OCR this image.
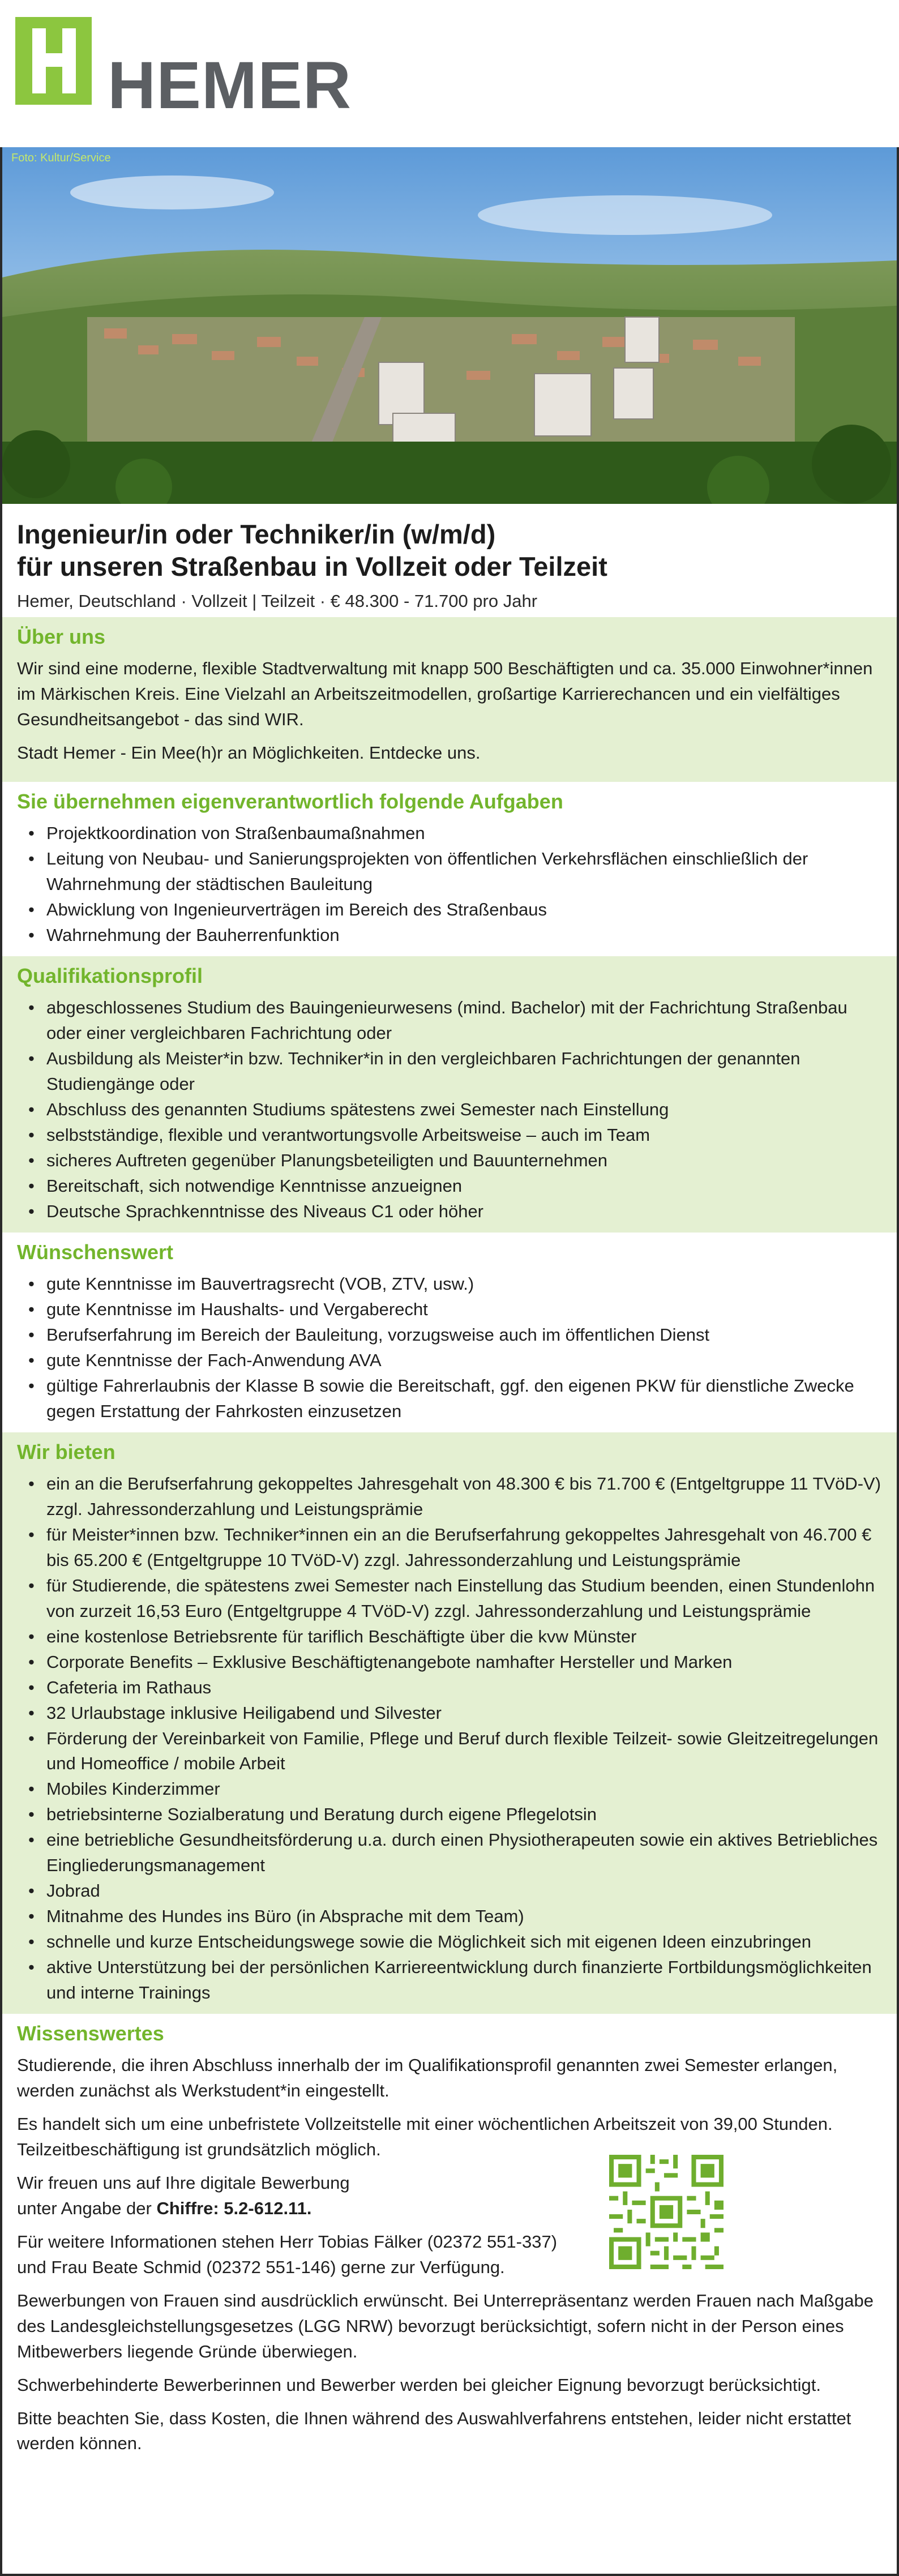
HEMER
Foto: Kultur/Service
Ingenieur/in oder Techniker/in (w/m/d)
für unseren Straßenbau in Vollzeit oder Teilzeit
Hemer, Deutschland · Vollzeit | Teilzeit · € 48.300 - 71.700 pro Jahr
Über uns
Wir sind eine moderne, flexible Stadtverwaltung mit knapp 500 Beschäftigten und ca. 35.000 Einwohner*innen im Märkischen Kreis. Eine Vielzahl an Arbeitszeitmodellen, großartige Karrierechancen und ein vielfältiges Gesundheitsangebot - das sind WIR.
Stadt Hemer - Ein Mee(h)r an Möglichkeiten. Entdecke uns.
Sie übernehmen eigenverantwortlich folgende Aufgaben
• Projektkoordination von Straßenbaumaßnahmen
• Leitung von Neubau- und Sanierungsprojekten von öffentlichen Verkehrsflächen einschließlich der Wahrnehmung der städtischen Bauleitung
• Abwicklung von Ingenieurverträgen im Bereich des Straßenbaus
• Wahrnehmung der Bauherrenfunktion
Qualifikationsprofil
• abgeschlossenes Studium des Bauingenieurwesens (mind. Bachelor) mit der Fachrichtung Straßenbau oder einer vergleichbaren Fachrichtung oder
• Ausbildung als Meister*in bzw. Techniker*in in den vergleichbaren Fachrichtungen der genannten Studiengänge oder
• Abschluss des genannten Studiums spätestens zwei Semester nach Einstellung
• selbstständige, flexible und verantwortungsvolle Arbeitsweise – auch im Team
• sicheres Auftreten gegenüber Planungsbeteiligten und Bauunternehmen
• Bereitschaft, sich notwendige Kenntnisse anzueignen
• Deutsche Sprachkenntnisse des Niveaus C1 oder höher
Wünschenswert
• gute Kenntnisse im Bauvertragsrecht (VOB, ZTV, usw.)
• gute Kenntnisse im Haushalts- und Vergaberecht
• Berufserfahrung im Bereich der Bauleitung, vorzugsweise auch im öffentlichen Dienst
• gute Kenntnisse der Fach-Anwendung AVA
• gültige Fahrerlaubnis der Klasse B sowie die Bereitschaft, ggf. den eigenen PKW für dienstliche Zwecke gegen Erstattung der Fahrkosten einzusetzen
Wir bieten
• ein an die Berufserfahrung gekoppeltes Jahresgehalt von 48.300 € bis 71.700 € (Entgeltgruppe 11 TVöD-V) zzgl. Jahressonderzahlung und Leistungsprämie
• für Meister*innen bzw. Techniker*innen ein an die Berufserfahrung gekoppeltes Jahresgehalt von 46.700 € bis 65.200 € (Entgeltgruppe 10 TVöD-V) zzgl. Jahressonderzahlung und Leistungsprämie
• für Studierende, die spätestens zwei Semester nach Einstellung das Studium beenden, einen Stundenlohn von zurzeit 16,53 Euro (Entgeltgruppe 4 TVöD-V) zzgl. Jahressonderzahlung und Leistungsprämie
• eine kostenlose Betriebsrente für tariflich Beschäftigte über die kvw Münster
• Corporate Benefits – Exklusive Beschäftigtenangebote namhafter Hersteller und Marken
• Cafeteria im Rathaus
• 32 Urlaubstage inklusive Heiligabend und Silvester
• Förderung der Vereinbarkeit von Familie, Pflege und Beruf durch flexible Teilzeit- sowie Gleitzeitregelungen und Homeoffice / mobile Arbeit
• Mobiles Kinderzimmer
• betriebsinterne Sozialberatung und Beratung durch eigene Pflegelotsin
• eine betriebliche Gesundheitsförderung u.a. durch einen Physiotherapeuten sowie ein aktives Betriebliches Eingliederungsmanagement
• Jobrad
• Mitnahme des Hundes ins Büro (in Absprache mit dem Team)
• schnelle und kurze Entscheidungswege sowie die Möglichkeit sich mit eigenen Ideen einzubringen
• aktive Unterstützung bei der persönlichen Karriereentwicklung durch finanzierte Fortbildungsmöglichkeiten und interne Trainings
Wissenswertes
Studierende, die ihren Abschluss innerhalb der im Qualifikationsprofil genannten zwei Semester erlangen, werden zunächst als Werkstudent*in eingestellt.
Es handelt sich um eine unbefristete Vollzeitstelle mit einer wöchentlichen Arbeitszeit von 39,00 Stunden. Teilzeitbeschäftigung ist grundsätzlich möglich.
Wir freuen uns auf Ihre digitale Bewerbung
unter Angabe der Chiffre: 5.2-612.11.
Für weitere Informationen stehen Herr Tobias Fälker (02372 551-337)
und Frau Beate Schmid (02372 551-146) gerne zur Verfügung.
Bewerbungen von Frauen sind ausdrücklich erwünscht. Bei Unterrepräsentanz werden Frauen nach Maßgabe des Landesgleichstellungsgesetzes (LGG NRW) bevorzugt berücksichtigt, sofern nicht in der Person eines Mitbewerbers liegende Gründe überwiegen.
Schwerbehinderte Bewerberinnen und Bewerber werden bei gleicher Eignung bevorzugt berücksichtigt.
Bitte beachten Sie, dass Kosten, die Ihnen während des Auswahlverfahrens entstehen, leider nicht erstattet werden können.
